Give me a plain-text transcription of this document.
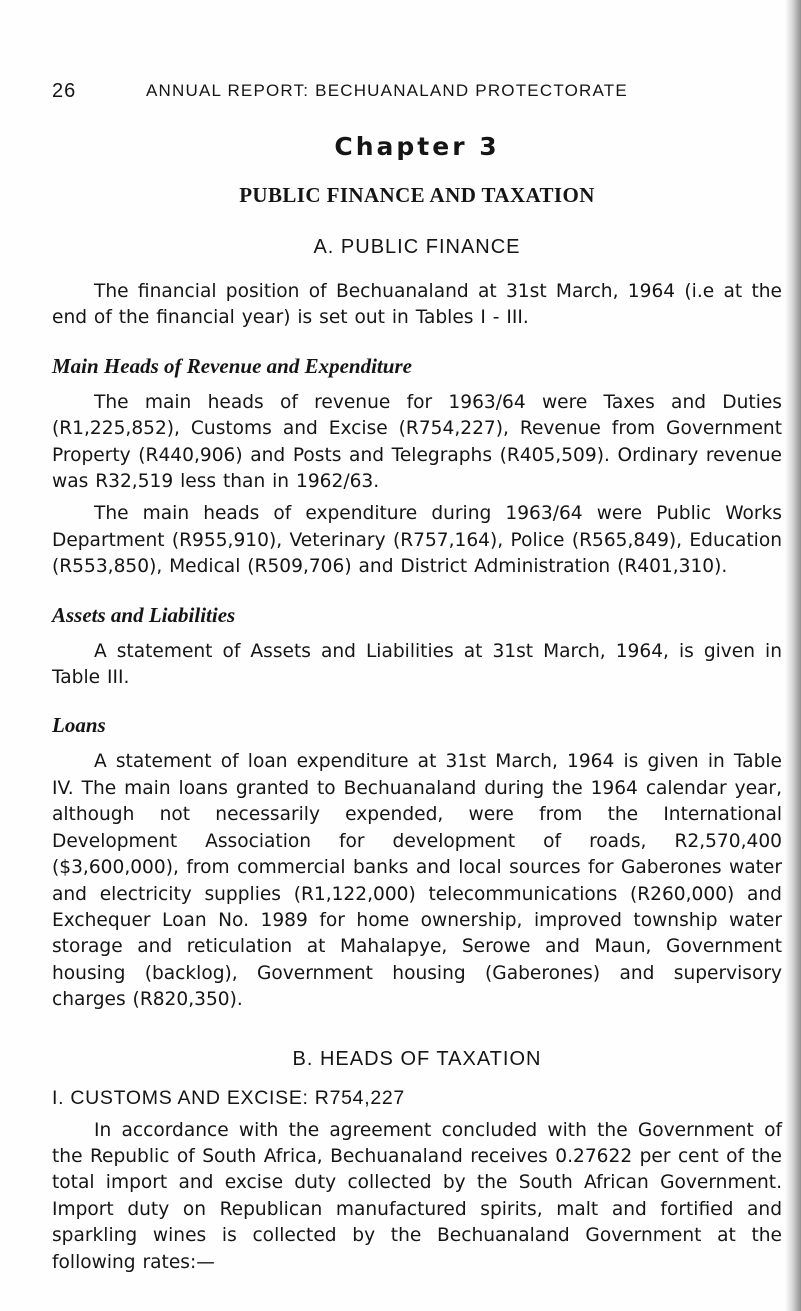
26	ANNUAL REPORT: BECHUANALAND PROTECTORATE
Chapter 3
PUBLIC FINANCE AND TAXATION
A. PUBLIC FINANCE

The financial position of Bechuanaland at 31st March, 1964 (i.e at the end of the financial year) is set out in Tables I - III.

Main Heads of Revenue and Expenditure

The main heads of revenue for 1963/64 were Taxes and Duties (R1,225,852), Customs and Excise (R754,227), Revenue from Government Property (R440,906) and Posts and Telegraphs (R405,509). Ordinary revenue was R32,519 less than in 1962/63.

The main heads of expenditure during 1963/64 were Public Works Department (R955,910), Veterinary (R757,164), Police (R565,849), Education (R553,850), Medical (R509,706) and District Administration (R401,310).

Assets and Liabilities

A statement of Assets and Liabilities at 31st March, 1964, is given in Table III.

Loans

A statement of loan expenditure at 31st March, 1964 is given in Table IV. The main loans granted to Bechuanaland during the 1964 calendar year, although not necessarily expended, were from the International Development Association for development of roads, R2,570,400 ($3,600,000), from commercial banks and local sources for Gaberones water and electricity supplies (R1,122,000) telecommunications (R260,000) and Exchequer Loan No. 1989 for home ownership, improved township water storage and reticulation at Mahalapye, Serowe and Maun, Government housing (backlog), Government housing (Gaberones) and supervisory charges (R820,350).

B. HEADS OF TAXATION
I. CUSTOMS AND EXCISE: R754,227

In accordance with the agreement concluded with the Government of the Republic of South Africa, Bechuanaland receives 0.27622 per cent of the total import and excise duty collected by the South African Government. Import duty on Republican manufactured spirits, malt and fortified and sparkling wines is collected by the Bechuanaland Government at the following rates:—
